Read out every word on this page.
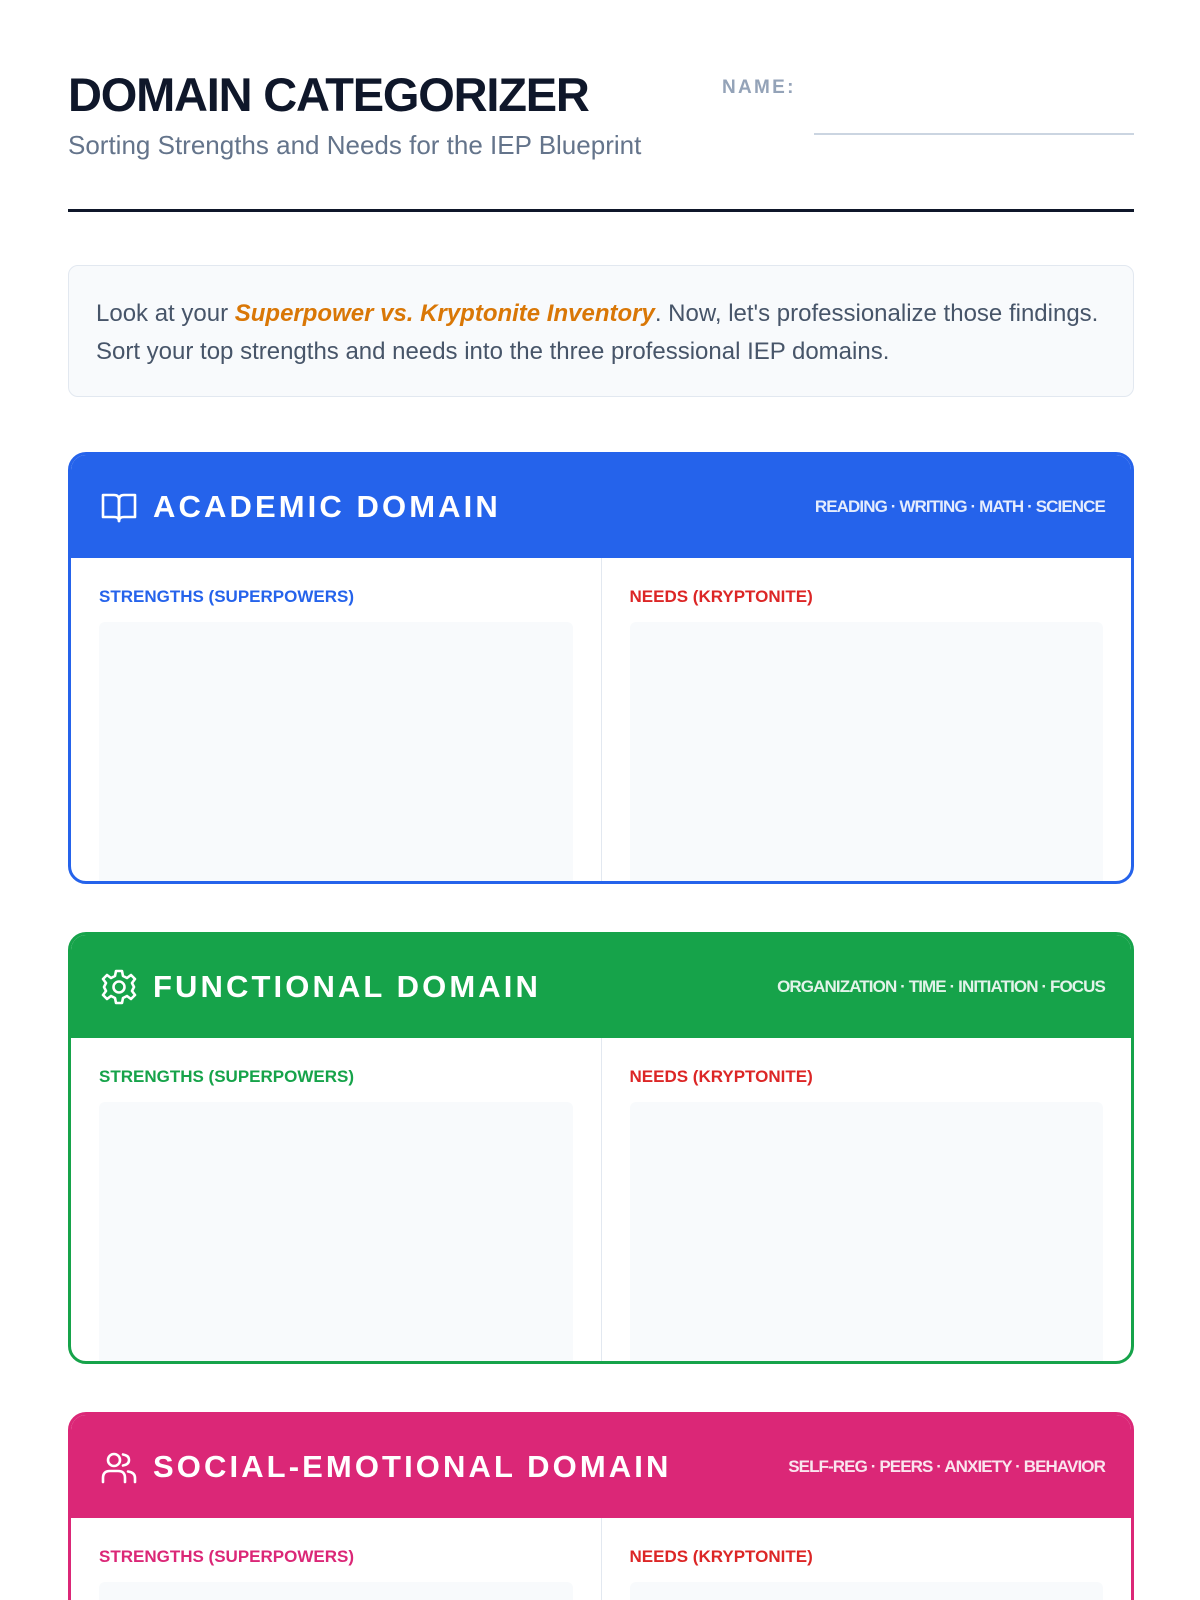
DOMAIN CATEGORIZER
Sorting Strengths and Needs for the IEP Blueprint
NAME:
Look at your Superpower vs. Kryptonite Inventory. Now, let's professionalize those findings. Sort your top strengths and needs into the three professional IEP domains.
ACADEMIC DOMAIN	READING · WRITING · MATH · SCIENCE
STRENGTHS (SUPERPOWERS)	NEEDS (KRYPTONITE)
FUNCTIONAL DOMAIN	ORGANIZATION · TIME · INITIATION · FOCUS
STRENGTHS (SUPERPOWERS)	NEEDS (KRYPTONITE)
SOCIAL-EMOTIONAL DOMAIN	SELF-REG · PEERS · ANXIETY · BEHAVIOR
STRENGTHS (SUPERPOWERS)	NEEDS (KRYPTONITE)
